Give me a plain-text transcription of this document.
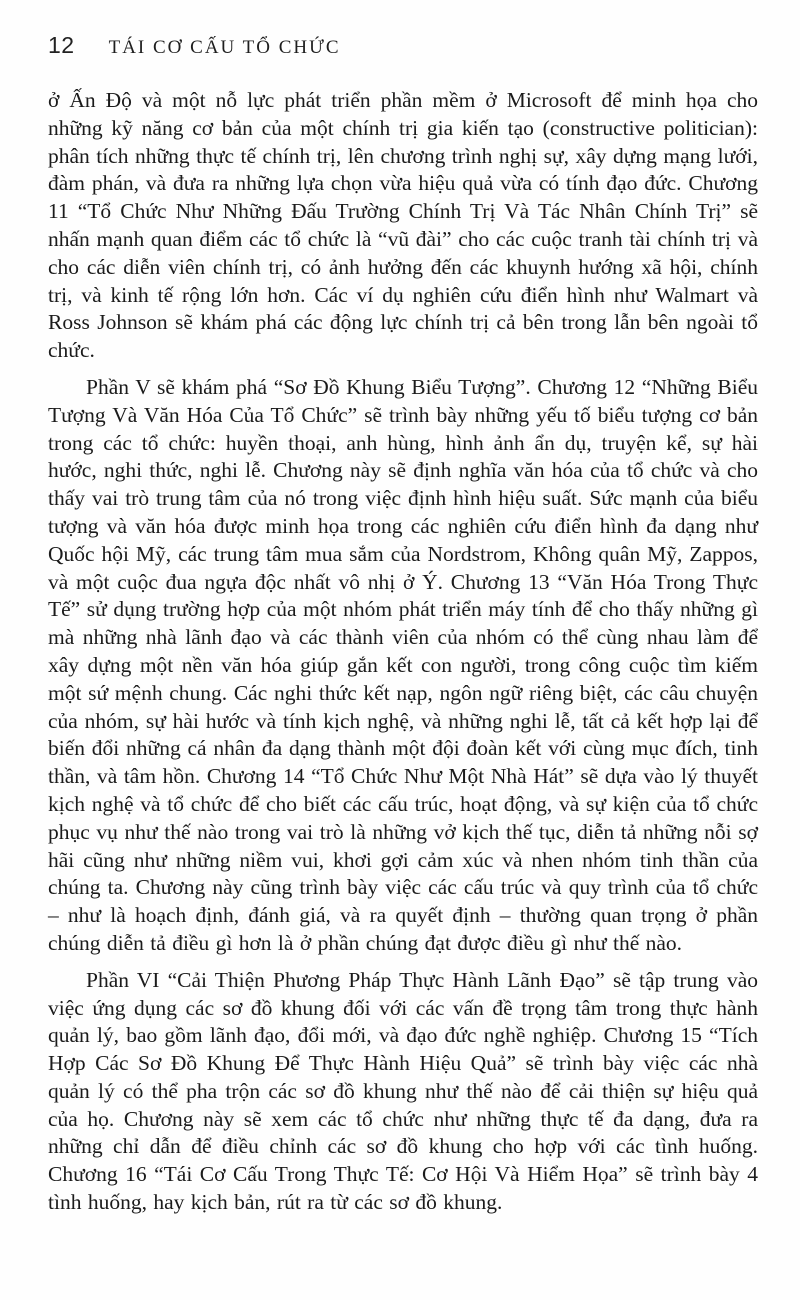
12 TÁI CƠ CẤU TỔ CHỨC

ở Ấn Độ và một nỗ lực phát triển phần mềm ở Microsoft để minh họa cho những kỹ năng cơ bản của một chính trị gia kiến tạo (constructive politician): phân tích những thực tế chính trị, lên chương trình nghị sự, xây dựng mạng lưới, đàm phán, và đưa ra những lựa chọn vừa hiệu quả vừa có tính đạo đức. Chương 11 “Tổ Chức Như Những Đấu Trường Chính Trị Và Tác Nhân Chính Trị” sẽ nhấn mạnh quan điểm các tổ chức là “vũ đài” cho các cuộc tranh tài chính trị và cho các diễn viên chính trị, có ảnh hưởng đến các khuynh hướng xã hội, chính trị, và kinh tế rộng lớn hơn. Các ví dụ nghiên cứu điển hình như Walmart và Ross Johnson sẽ khám phá các động lực chính trị cả bên trong lẫn bên ngoài tổ chức.

Phần V sẽ khám phá “Sơ Đồ Khung Biểu Tượng”. Chương 12 “Những Biểu Tượng Và Văn Hóa Của Tổ Chức” sẽ trình bày những yếu tố biểu tượng cơ bản trong các tổ chức: huyền thoại, anh hùng, hình ảnh ẩn dụ, truyện kể, sự hài hước, nghi thức, nghi lễ. Chương này sẽ định nghĩa văn hóa của tổ chức và cho thấy vai trò trung tâm của nó trong việc định hình hiệu suất. Sức mạnh của biểu tượng và văn hóa được minh họa trong các nghiên cứu điển hình đa dạng như Quốc hội Mỹ, các trung tâm mua sắm của Nordstrom, Không quân Mỹ, Zappos, và một cuộc đua ngựa độc nhất vô nhị ở Ý. Chương 13 “Văn Hóa Trong Thực Tế” sử dụng trường hợp của một nhóm phát triển máy tính để cho thấy những gì mà những nhà lãnh đạo và các thành viên của nhóm có thể cùng nhau làm để xây dựng một nền văn hóa giúp gắn kết con người, trong công cuộc tìm kiếm một sứ mệnh chung. Các nghi thức kết nạp, ngôn ngữ riêng biệt, các câu chuyện của nhóm, sự hài hước và tính kịch nghệ, và những nghi lễ, tất cả kết hợp lại để biến đổi những cá nhân đa dạng thành một đội đoàn kết với cùng mục đích, tinh thần, và tâm hồn. Chương 14 “Tổ Chức Như Một Nhà Hát” sẽ dựa vào lý thuyết kịch nghệ và tổ chức để cho biết các cấu trúc, hoạt động, và sự kiện của tổ chức phục vụ như thế nào trong vai trò là những vở kịch thế tục, diễn tả những nỗi sợ hãi cũng như những niềm vui, khơi gợi cảm xúc và nhen nhóm tinh thần của chúng ta. Chương này cũng trình bày việc các cấu trúc và quy trình của tổ chức – như là hoạch định, đánh giá, và ra quyết định – thường quan trọng ở phần chúng diễn tả điều gì hơn là ở phần chúng đạt được điều gì như thế nào.

Phần VI “Cải Thiện Phương Pháp Thực Hành Lãnh Đạo” sẽ tập trung vào việc ứng dụng các sơ đồ khung đối với các vấn đề trọng tâm trong thực hành quản lý, bao gồm lãnh đạo, đổi mới, và đạo đức nghề nghiệp. Chương 15 “Tích Hợp Các Sơ Đồ Khung Để Thực Hành Hiệu Quả” sẽ trình bày việc các nhà quản lý có thể pha trộn các sơ đồ khung như thế nào để cải thiện sự hiệu quả của họ. Chương này sẽ xem các tổ chức như những thực tế đa dạng, đưa ra những chỉ dẫn để điều chỉnh các sơ đồ khung cho hợp với các tình huống. Chương 16 “Tái Cơ Cấu Trong Thực Tế: Cơ Hội Và Hiểm Họa” sẽ trình bày 4 tình huống, hay kịch bản, rút ra từ các sơ đồ khung.
